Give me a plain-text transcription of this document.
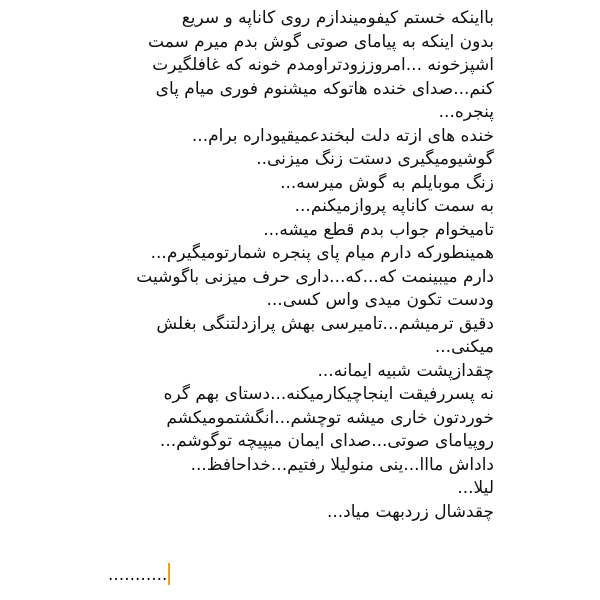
بااینکه خستم کیفومیندازم روی کاناپه و سریع
بدون اینکه به پیامای صوتی گوش بدم میرم سمت
اشپزخونه ...امروززودتراومدم خونه که غافلگیرت
کنم...صدای خنده هاتوکه میشنوم فوری میام پای
پنجره...
خنده های ازته دلت لبخندعمیقیوداره برام...
گوشیومیگیری دستت زنگ میزنی..
زنگ موبایلم به گوش میرسه...
به سمت کاناپه پروازمیکنم...
تامیخوام جواب بدم قطع میشه...
همینطورکه دارم میام پای پنجره شمارتومیگیرم...
دارم میبینمت که...که...داری حرف میزنی باگوشیت
ودست تکون میدی واس کسی...
دقیق ترمیشم...تامیرسی بهش پرازدلتنگی بغلش
میکنی...
چقدازپشت شبیه ایمانه...
نه پسررفیقت اینجاچیکارمیکنه...دستای بهم گره
خوردتون خاری میشه توچشم...انگشتمومیکشم
روپیامای صوتی...صدای ایمان میپیچه توگوشم...
داداش مااا...ینی منولیلا رفتیم...خداحافظ...
لیلا...
چقدشال زردبهت میاد...
...........
